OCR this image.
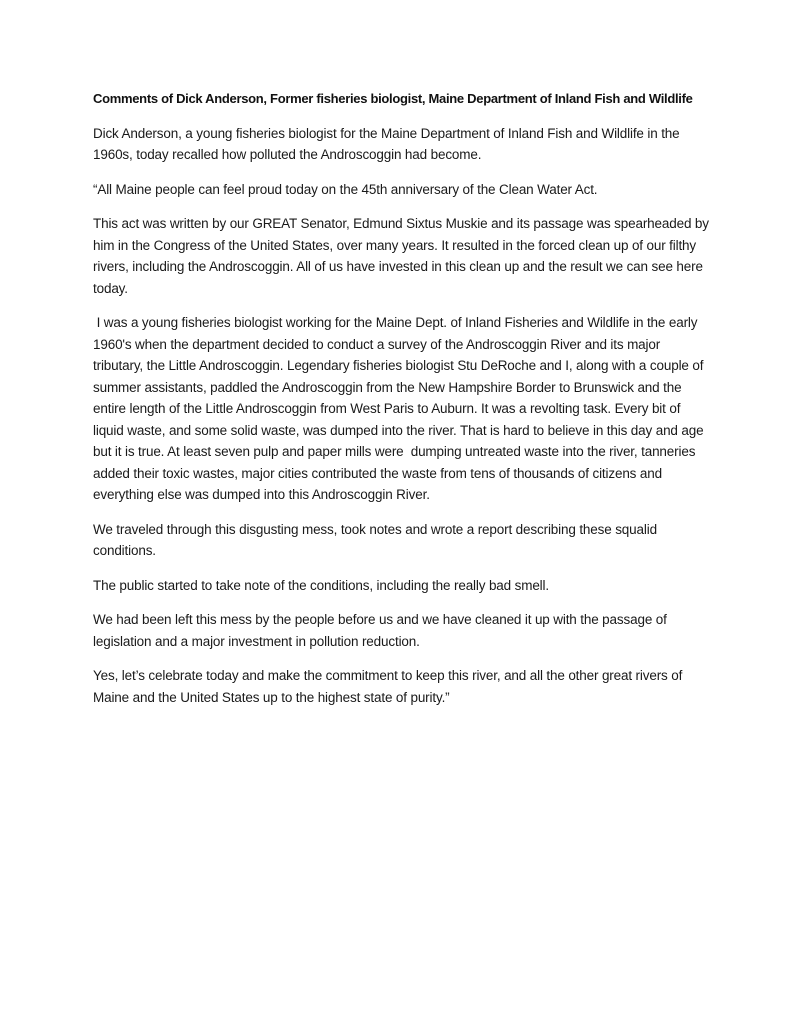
Comments of Dick Anderson, Former fisheries biologist, Maine Department of Inland Fish and Wildlife

Dick Anderson, a young fisheries biologist for the Maine Department of Inland Fish and Wildlife in the 1960s, today recalled how polluted the Androscoggin had become.

“All Maine people can feel proud today on the 45th anniversary of the Clean Water Act.

This act was written by our GREAT Senator, Edmund Sixtus Muskie and its passage was spearheaded by him in the Congress of the United States, over many years. It resulted in the forced clean up of our filthy rivers, including the Androscoggin. All of us have invested in this clean up and the result we can see here today.

I was a young fisheries biologist working for the Maine Dept. of Inland Fisheries and Wildlife in the early 1960's when the department decided to conduct a survey of the Androscoggin River and its major tributary, the Little Androscoggin. Legendary fisheries biologist Stu DeRoche and I, along with a couple of summer assistants, paddled the Androscoggin from the New Hampshire Border to Brunswick and the entire length of the Little Androscoggin from West Paris to Auburn. It was a revolting task. Every bit of liquid waste, and some solid waste, was dumped into the river. That is hard to believe in this day and age but it is true. At least seven pulp and paper mills were  dumping untreated waste into the river, tanneries added their toxic wastes, major cities contributed the waste from tens of thousands of citizens and everything else was dumped into this Androscoggin River.

We traveled through this disgusting mess, took notes and wrote a report describing these squalid conditions.

The public started to take note of the conditions, including the really bad smell.

We had been left this mess by the people before us and we have cleaned it up with the passage of legislation and a major investment in pollution reduction.

Yes, let’s celebrate today and make the commitment to keep this river, and all the other great rivers of Maine and the United States up to the highest state of purity.”
